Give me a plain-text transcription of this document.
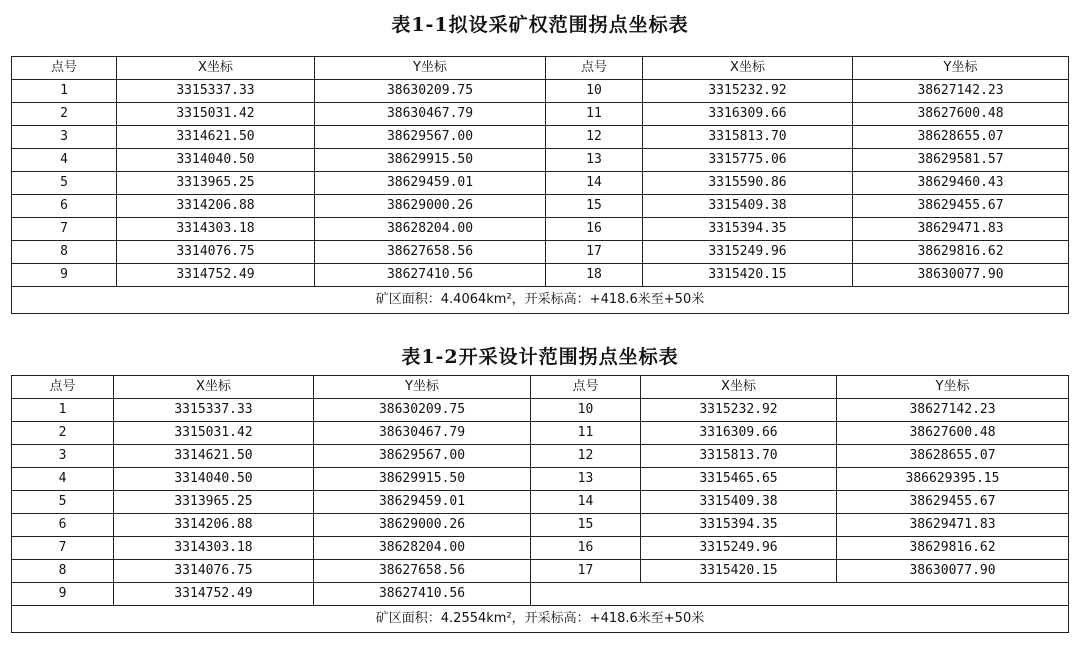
表1-1拟设采矿权范围拐点坐标表
点号	X坐标	Y坐标	点号	X坐标	Y坐标
1	3315337.33	38630209.75	10	3315232.92	38627142.23
2	3315031.42	38630467.79	11	3316309.66	38627600.48
3	3314621.50	38629567.00	12	3315813.70	38628655.07
4	3314040.50	38629915.50	13	3315775.06	38629581.57
5	3313965.25	38629459.01	14	3315590.86	38629460.43
6	3314206.88	38629000.26	15	3315409.38	38629455.67
7	3314303.18	38628204.00	16	3315394.35	38629471.83
8	3314076.75	38627658.56	17	3315249.96	38629816.62
9	3314752.49	38627410.56	18	3315420.15	38630077.90
矿区面积：4.4064km²，开采标高：+418.6米至+50米					
表1-2开采设计范围拐点坐标表
点号	X坐标	Y坐标	点号	X坐标	Y坐标
1	3315337.33	38630209.75	10	3315232.92	38627142.23
2	3315031.42	38630467.79	11	3316309.66	38627600.48
3	3314621.50	38629567.00	12	3315813.70	38628655.07
4	3314040.50	38629915.50	13	3315465.65	386629395.15
5	3313965.25	38629459.01	14	3315409.38	38629455.67
6	3314206.88	38629000.26	15	3315394.35	38629471.83
7	3314303.18	38628204.00	16	3315249.96	38629816.62
8	3314076.75	38627658.56	17	3315420.15	38630077.90
9	3314752.49	38627410.56			
矿区面积：4.2554km²，开采标高：+418.6米至+50米					
